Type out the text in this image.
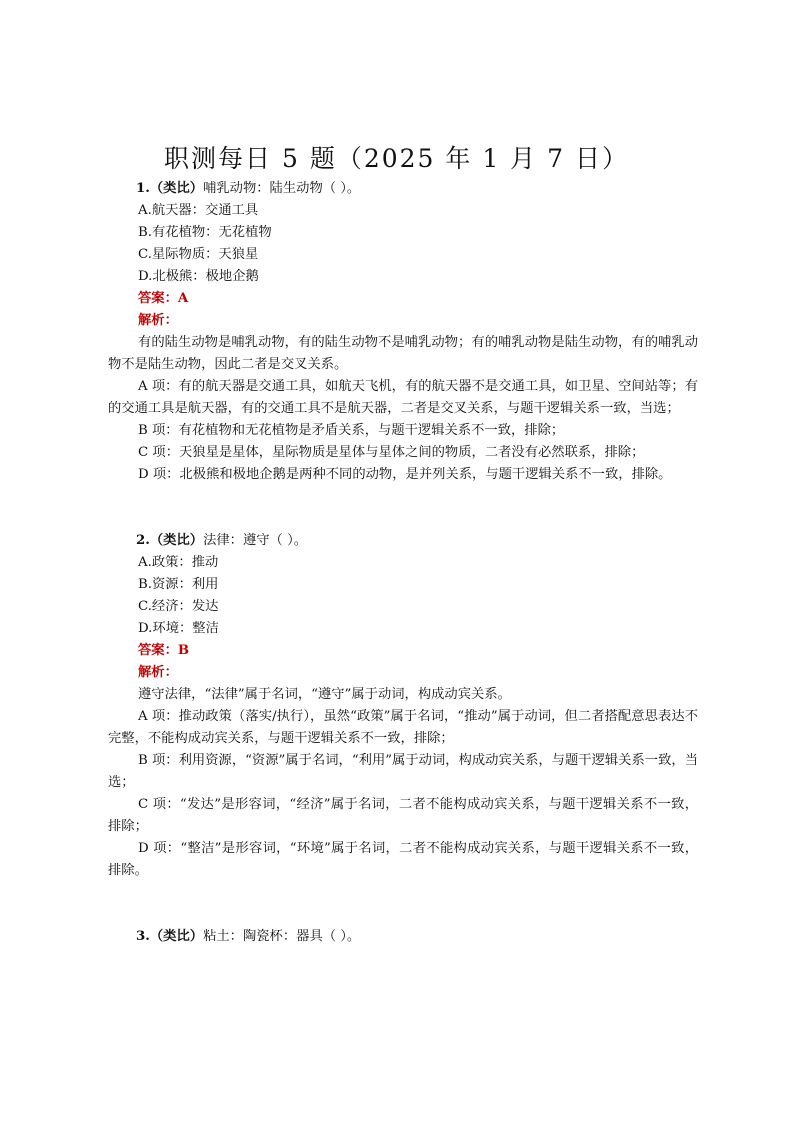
职测每日 5 题（2025 年 1 月 7 日）
1.（类比）哺乳动物：陆生动物（ ）。
A.航天器：交通工具
B.有花植物：无花植物
C.星际物质：天狼星
D.北极熊：极地企鹅
答案：A
解析：
有的陆生动物是哺乳动物，有的陆生动物不是哺乳动物；有的哺乳动物是陆生动物，有的哺乳动物不是陆生动物，因此二者是交叉关系。
A 项：有的航天器是交通工具，如航天飞机，有的航天器不是交通工具，如卫星、空间站等；有的交通工具是航天器，有的交通工具不是航天器，二者是交叉关系，与题干逻辑关系一致，当选；
B 项：有花植物和无花植物是矛盾关系，与题干逻辑关系不一致，排除；
C 项：天狼星是星体，星际物质是星体与星体之间的物质，二者没有必然联系，排除；
D 项：北极熊和极地企鹅是两种不同的动物，是并列关系，与题干逻辑关系不一致，排除。
2.（类比）法律：遵守（ ）。
A.政策：推动
B.资源：利用
C.经济：发达
D.环境：整洁
答案：B
解析：
遵守法律，“法律”属于名词，“遵守”属于动词，构成动宾关系。
A 项：推动政策（落实/执行），虽然“政策”属于名词，“推动”属于动词，但二者搭配意思表达不完整，不能构成动宾关系，与题干逻辑关系不一致，排除；
B 项：利用资源，“资源”属于名词，“利用”属于动词，构成动宾关系，与题干逻辑关系一致，当选；
C 项：“发达”是形容词，“经济”属于名词，二者不能构成动宾关系，与题干逻辑关系不一致，排除；
D 项：“整洁”是形容词，“环境”属于名词，二者不能构成动宾关系，与题干逻辑关系不一致，排除。
3.（类比）粘土：陶瓷杯：器具（ ）。
